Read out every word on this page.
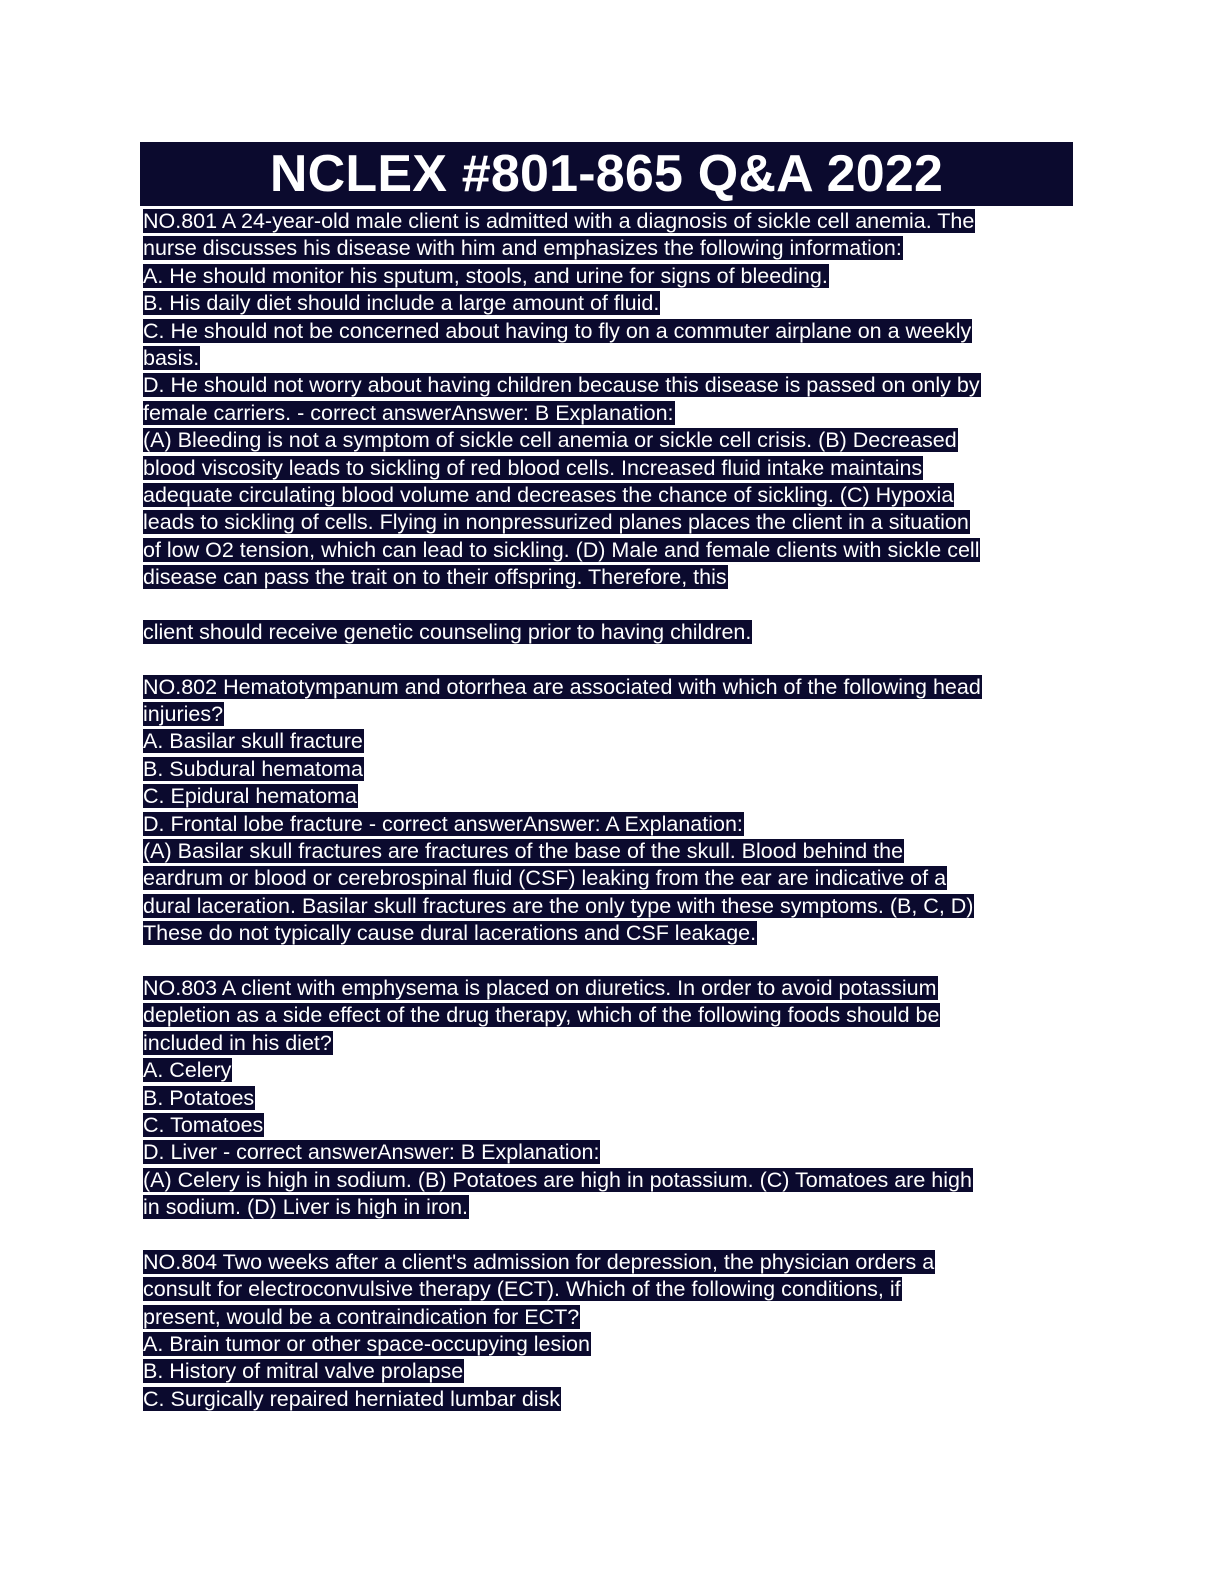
NCLEX #801-865 Q&A 2022
NO.801 A 24-year-old male client is admitted with a diagnosis of sickle cell anemia. The
nurse discusses his disease with him and emphasizes the following information:
A. He should monitor his sputum, stools, and urine for signs of bleeding.
B. His daily diet should include a large amount of fluid.
C. He should not be concerned about having to fly on a commuter airplane on a weekly
basis.
D. He should not worry about having children because this disease is passed on only by
female carriers. - correct answerAnswer: B Explanation:
(A) Bleeding is not a symptom of sickle cell anemia or sickle cell crisis. (B) Decreased
blood viscosity leads to sickling of red blood cells. Increased fluid intake maintains
adequate circulating blood volume and decreases the chance of sickling. (C) Hypoxia
leads to sickling of cells. Flying in nonpressurized planes places the client in a situation
of low O2 tension, which can lead to sickling. (D) Male and female clients with sickle cell
disease can pass the trait on to their offspring. Therefore, this
client should receive genetic counseling prior to having children.
NO.802 Hematotympanum and otorrhea are associated with which of the following head
injuries?
A. Basilar skull fracture
B. Subdural hematoma
C. Epidural hematoma
D. Frontal lobe fracture - correct answerAnswer: A Explanation:
(A) Basilar skull fractures are fractures of the base of the skull. Blood behind the
eardrum or blood or cerebrospinal fluid (CSF) leaking from the ear are indicative of a
dural laceration. Basilar skull fractures are the only type with these symptoms. (B, C, D)
These do not typically cause dural lacerations and CSF leakage.
NO.803 A client with emphysema is placed on diuretics. In order to avoid potassium
depletion as a side effect of the drug therapy, which of the following foods should be
included in his diet?
A. Celery
B. Potatoes
C. Tomatoes
D. Liver - correct answerAnswer: B Explanation:
(A) Celery is high in sodium. (B) Potatoes are high in potassium. (C) Tomatoes are high
in sodium. (D) Liver is high in iron.
NO.804 Two weeks after a client's admission for depression, the physician orders a
consult for electroconvulsive therapy (ECT). Which of the following conditions, if
present, would be a contraindication for ECT?
A. Brain tumor or other space-occupying lesion
B. History of mitral valve prolapse
C. Surgically repaired herniated lumbar disk
